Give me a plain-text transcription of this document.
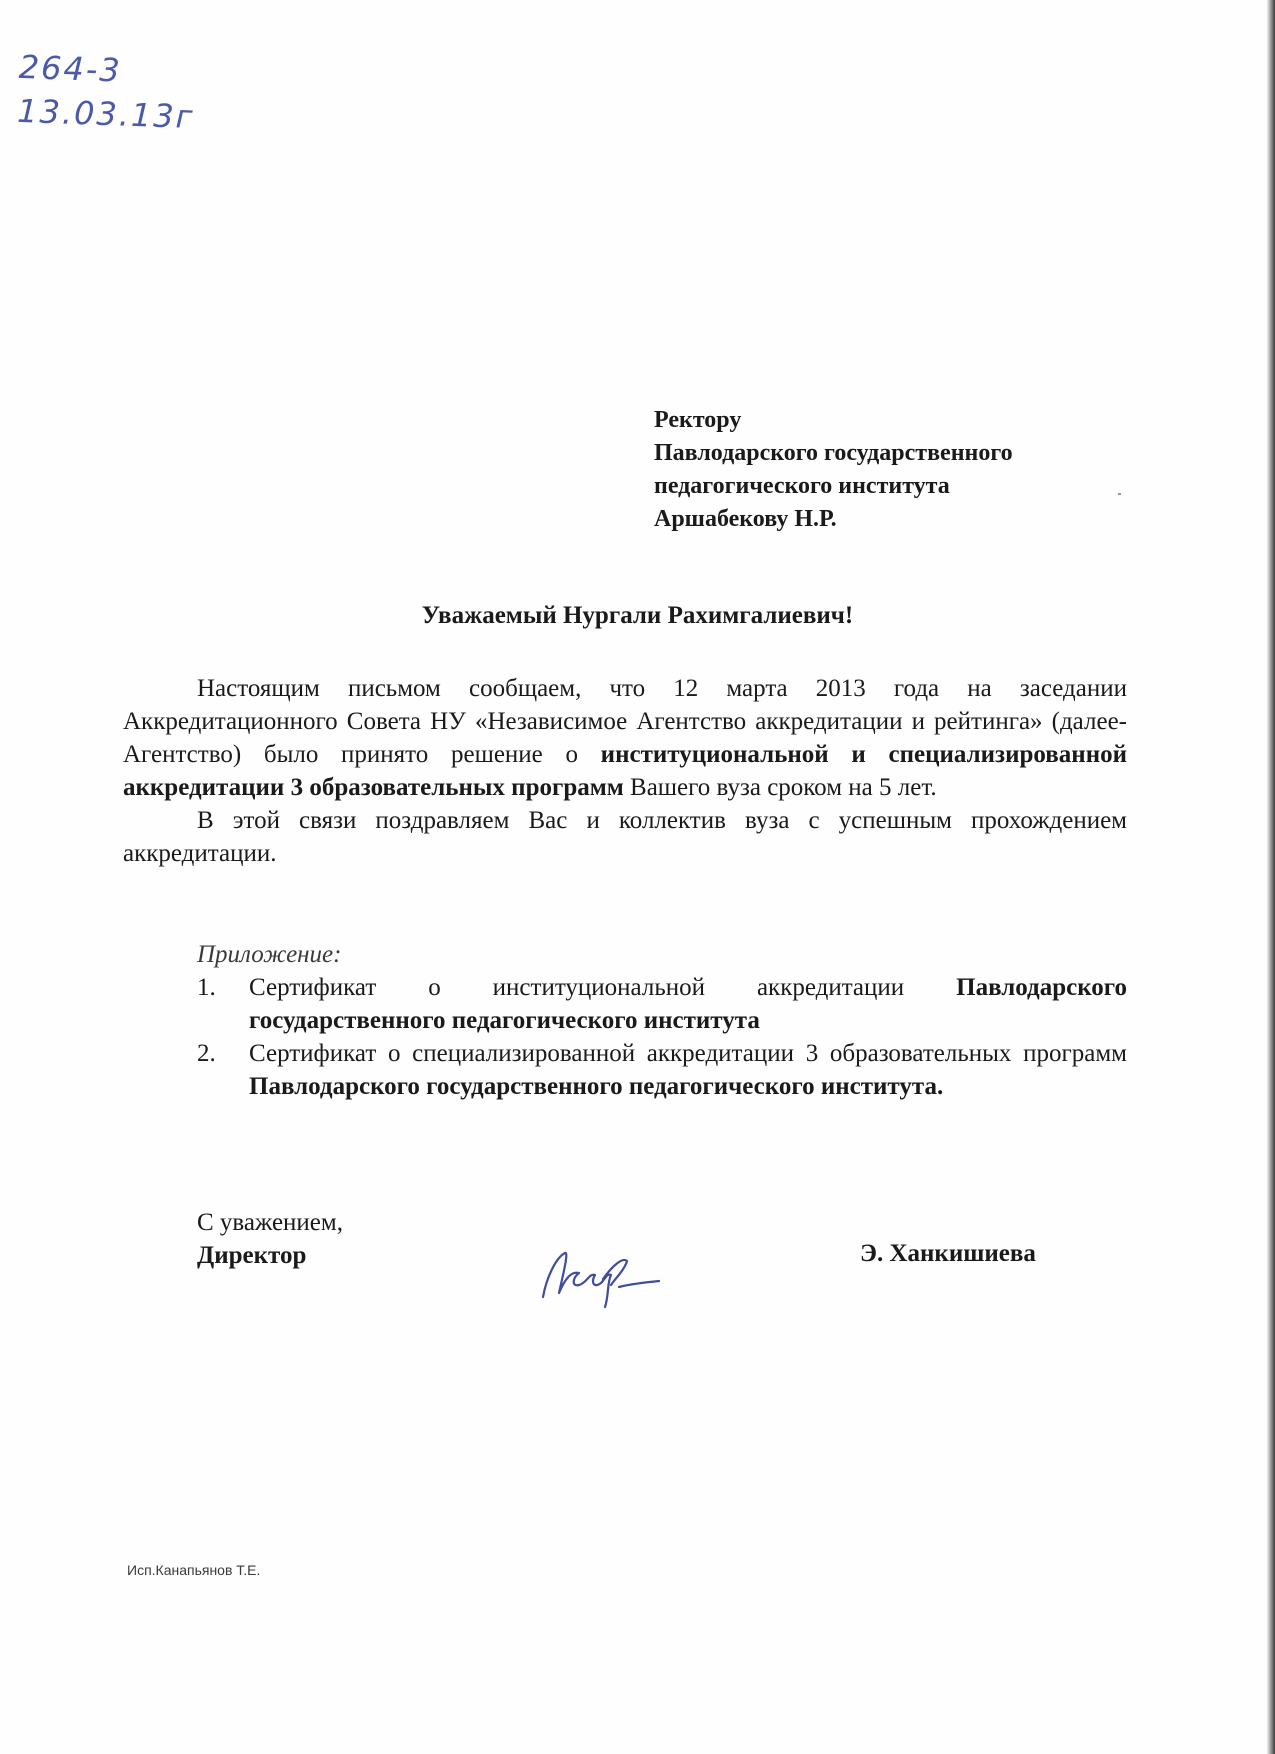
264-3
13.03.13г
Ректору
Павлодарского государственного
педагогического института
Аршабекову Н.Р.
Уважаемый Нургали Рахимгалиевич!

Настоящим письмом сообщаем, что 12 марта 2013 года на заседании Аккредитационного Совета НУ «Независимое Агентство аккредитации и рейтинга» (далее-Агентство) было принято решение о институциональной и специализированной аккредитации 3 образовательных программ Вашего вуза сроком на 5 лет.

В этой связи поздравляем Вас и коллектив вуза с успешным прохождением аккредитации.

Приложение:
1. Сертификат о институциональной аккредитации Павлодарского государственного педагогического института
2. Сертификат о специализированной аккредитации 3 образовательных программ Павлодарского государственного педагогического института.
С уважением,
Директор	Э. Ханкишиева
Исп.Канапьянов Т.Е.
